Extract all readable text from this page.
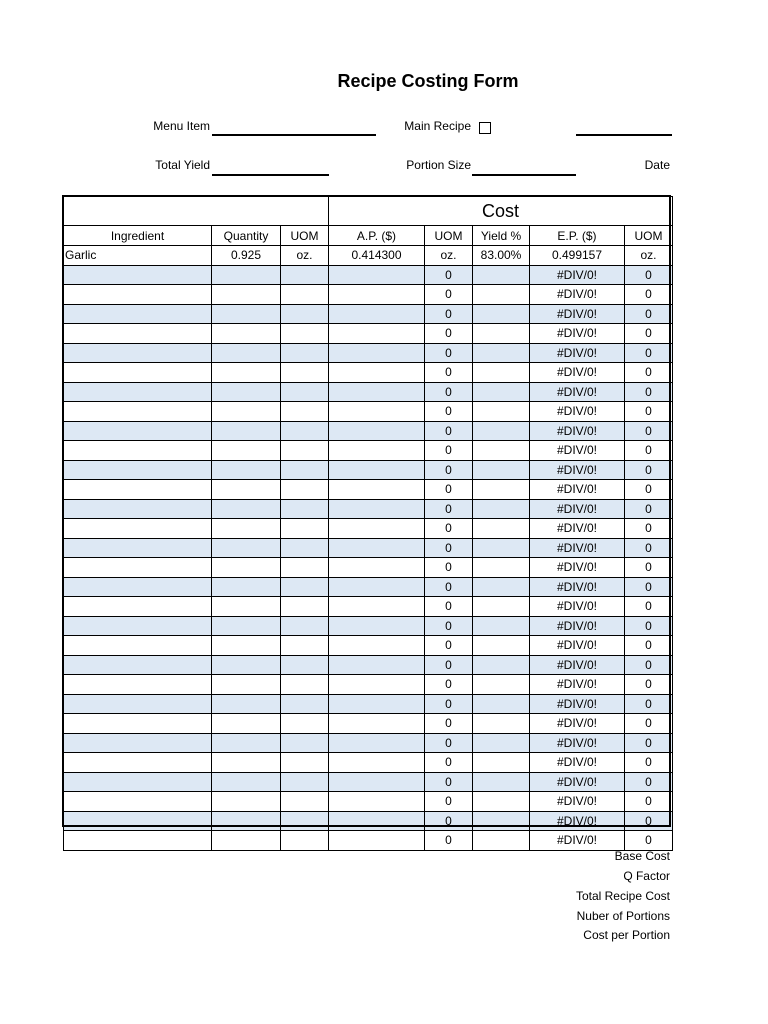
Recipe Costing Form
Menu Item	Main Recipe
Total Yield	Portion Size	Date
			Cost				
Ingredient	Quantity	UOM	A.P. ($)	UOM	Yield %	E.P. ($)	UOM
Garlic	0.925	oz.	0.414300	oz.	83.00%	0.499157	oz.
				0		#DIV/0!	0
				0		#DIV/0!	0
				0		#DIV/0!	0
				0		#DIV/0!	0
				0		#DIV/0!	0
				0		#DIV/0!	0
				0		#DIV/0!	0
				0		#DIV/0!	0
				0		#DIV/0!	0
				0		#DIV/0!	0
				0		#DIV/0!	0
				0		#DIV/0!	0
				0		#DIV/0!	0
				0		#DIV/0!	0
				0		#DIV/0!	0
				0		#DIV/0!	0
				0		#DIV/0!	0
				0		#DIV/0!	0
				0		#DIV/0!	0
				0		#DIV/0!	0
				0		#DIV/0!	0
				0		#DIV/0!	0
				0		#DIV/0!	0
				0		#DIV/0!	0
				0		#DIV/0!	0
				0		#DIV/0!	0
				0		#DIV/0!	0
				0		#DIV/0!	0
				0		#DIV/0!	0
				0		#DIV/0!	0
Base Cost
Q Factor
Total Recipe Cost
Nuber of Portions
Cost per Portion
